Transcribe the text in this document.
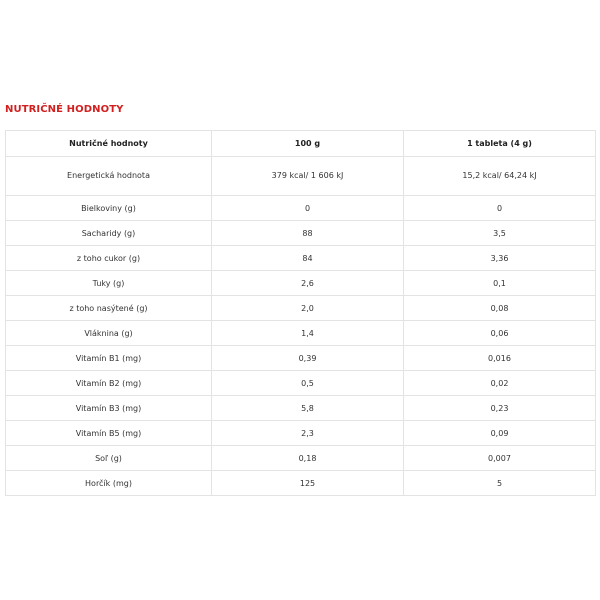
NUTRIČNÉ HODNOTY
Nutričné hodnoty	100 g	1 tableta (4 g)
Energetická hodnota	379 kcal/ 1 606 kJ	15,2 kcal/ 64,24 kJ
Bielkoviny (g)	0	0
Sacharidy (g)	88	3,5
z toho cukor (g)	84	3,36
Tuky (g)	2,6	0,1
z toho nasýtené (g)	2,0	0,08
Vláknina (g)	1,4	0,06
Vitamín B1 (mg)	0,39	0,016
Vitamín B2 (mg)	0,5	0,02
Vitamín B3 (mg)	5,8	0,23
Vitamín B5 (mg)	2,3	0,09
Soľ (g)	0,18	0,007
Horčík (mg)	125	5
